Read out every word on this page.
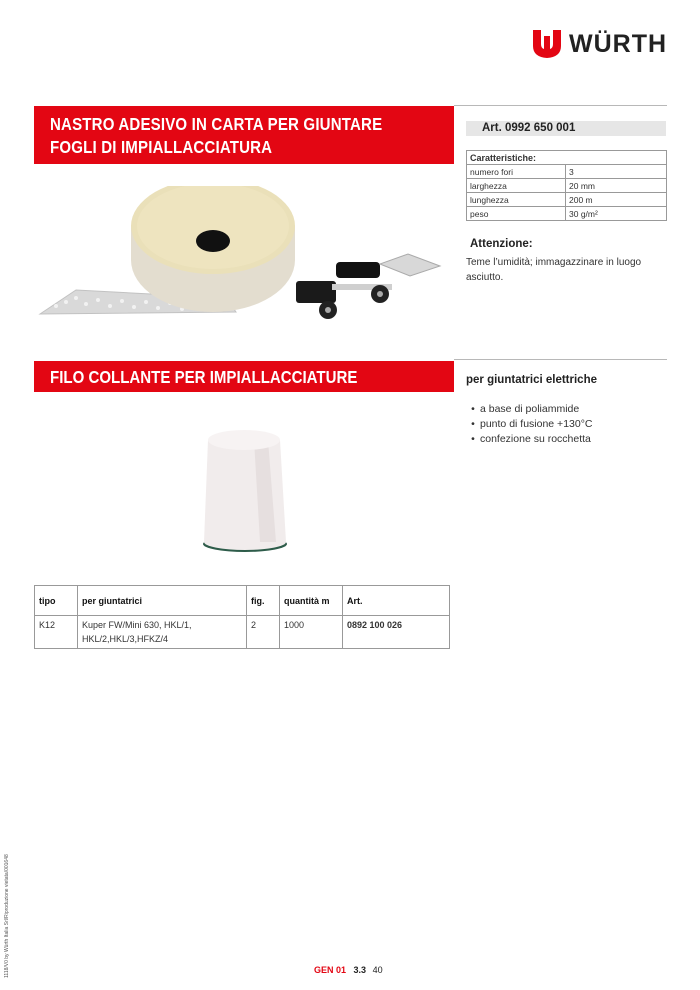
WÜRTH
NASTRO ADESIVO IN CARTA PER GIUNTARE
FOGLI DI IMPIALLACCIATURA
Art. 0992 650 001
Caratteristiche:	
numero fori	3
larghezza	20 mm
lunghezza	200 m
peso	30 g/m²
Attenzione:
Teme l’umidità; immagazzinare in luogo asciutto.
FILO COLLANTE PER IMPIALLACCIATURE	per giuntatrici elettriche
• a base di poliammide
• punto di fusione +130°C
• confezione su rocchetta
tipo	per giuntatrici	fig.	quantità m	Art.
K12	Kuper FW/Mini 630, HKL/1,
HKL/2,HKL/3,HFKZ/4	2	1000	0892 100 026
1118/V0 by Würth Italia Srl/Riproduzione vietata/001648	GEN 01 3.3 40
